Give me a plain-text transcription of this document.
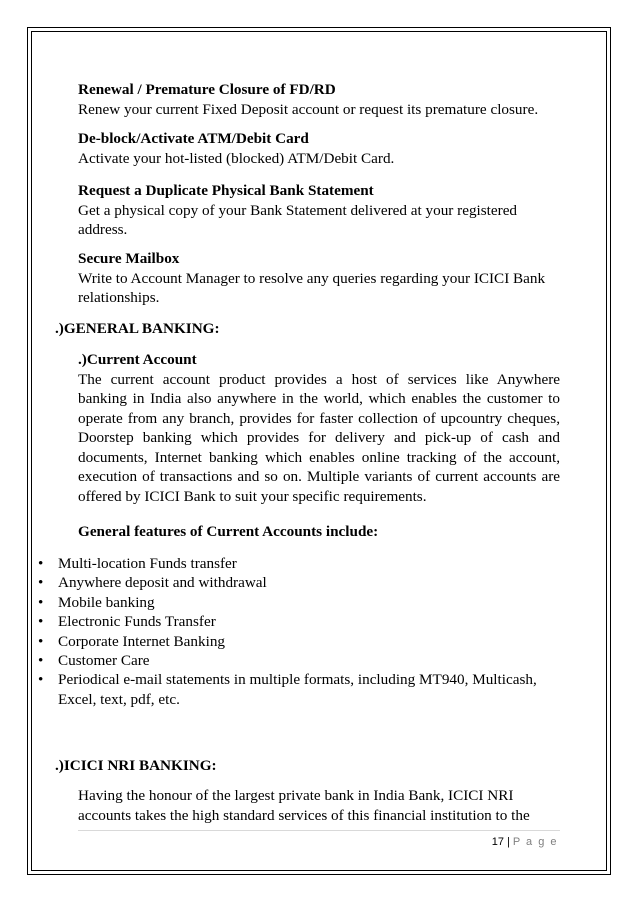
Renewal / Premature Closure of FD/RD
Renew your current Fixed Deposit account or request its premature closure.
De-block/Activate ATM/Debit Card
Activate your hot-listed (blocked) ATM/Debit Card.
Request a Duplicate Physical Bank Statement
Get a physical copy of your Bank Statement delivered at your registered address.
Secure Mailbox
Write to Account Manager to resolve any queries regarding your ICICI Bank relationships.
.)GENERAL BANKING:
.)Current Account
The current account product provides a host of services like Anywhere banking in India also anywhere in the world, which enables the customer to operate from any branch, provides for faster collection of upcountry cheques, Doorstep banking which provides for delivery and pick-up of cash and documents, Internet banking which enables online tracking of the account, execution of transactions and so on. Multiple variants of current accounts are offered by ICICI Bank to suit your specific requirements.
General features of Current Accounts include:
• Multi-location Funds transfer
• Anywhere deposit and withdrawal
• Mobile banking
• Electronic Funds Transfer
• Corporate Internet Banking
• Customer Care
• Periodical e-mail statements in multiple formats, including MT940, Multicash, Excel, text, pdf, etc.
.)ICICI NRI BANKING:
Having the honour of the largest private bank in India Bank, ICICI NRI accounts takes the high standard services of this financial institution to the
17 | P a g e
